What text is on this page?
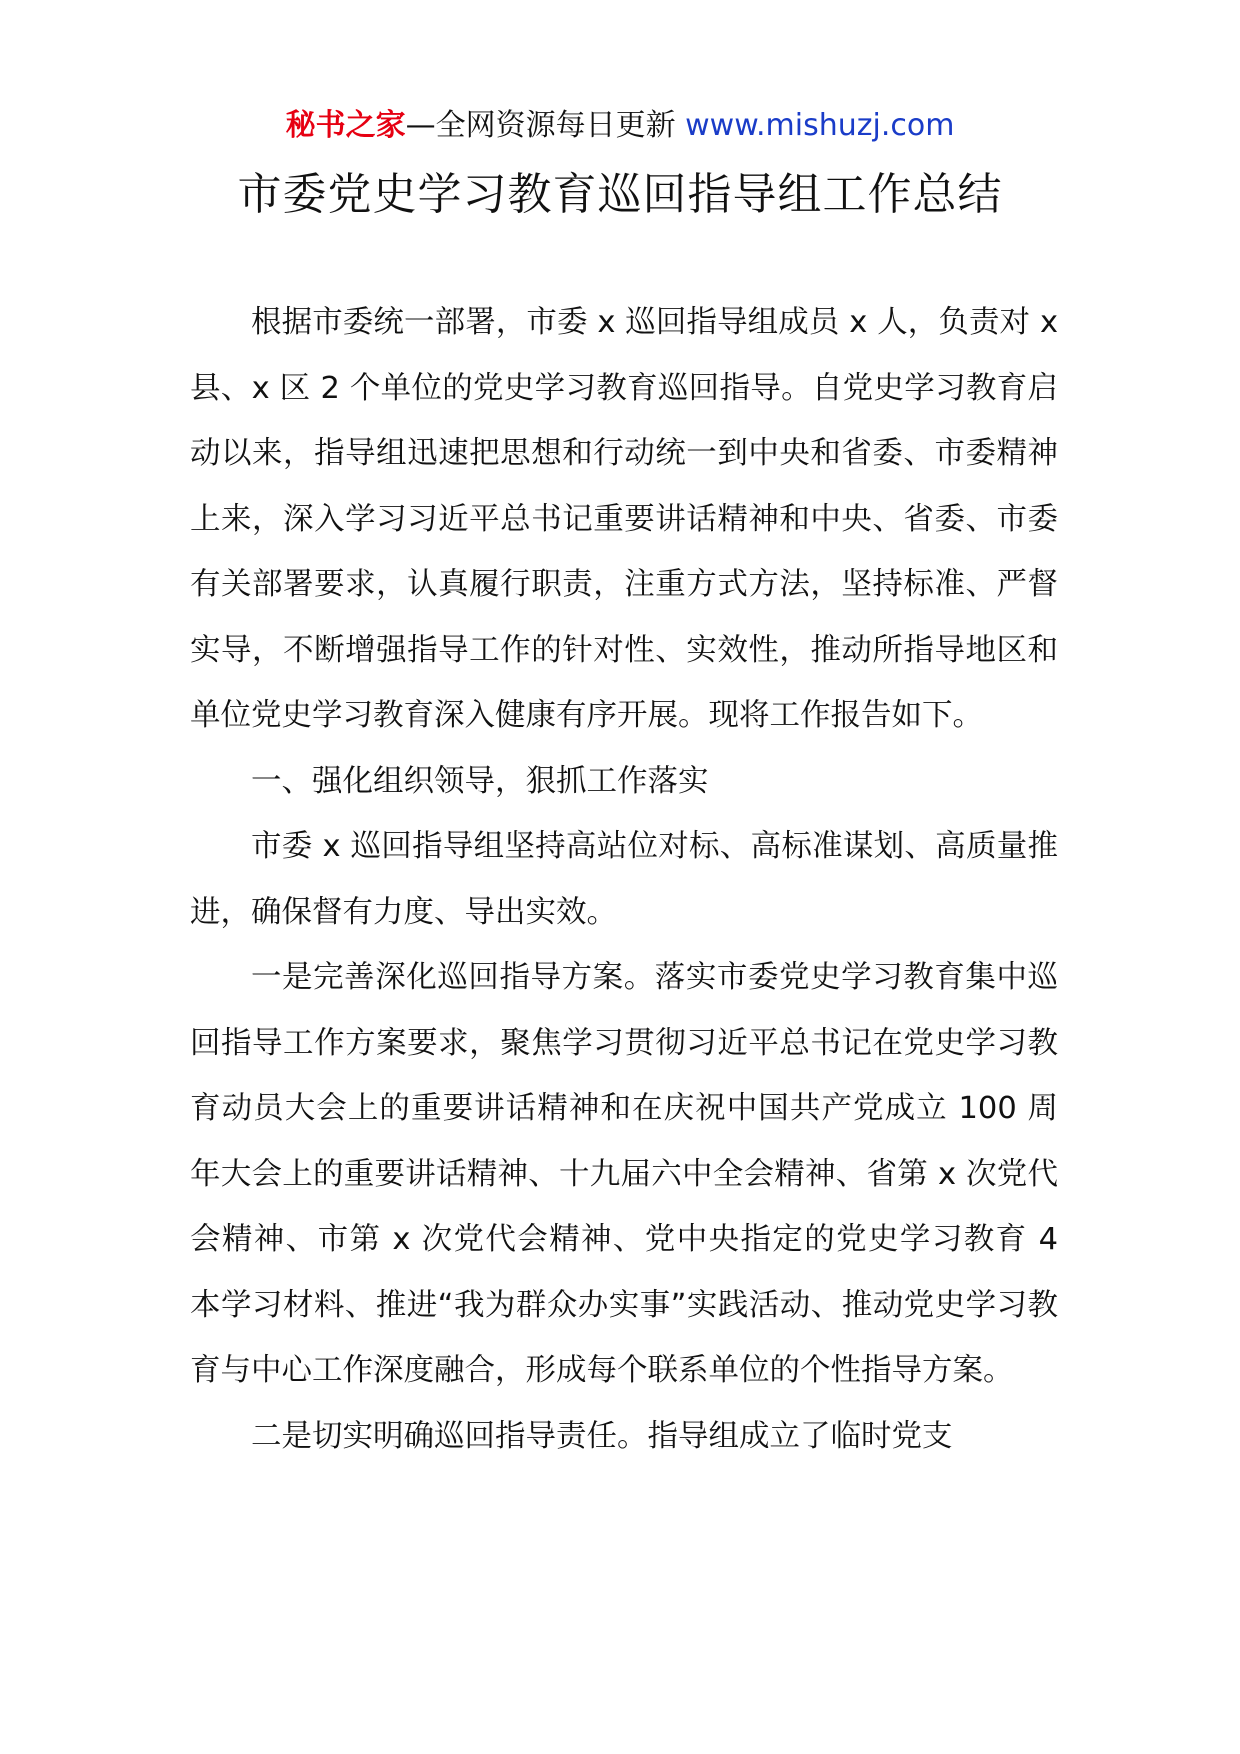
秘书之家—全网资源每日更新 www.mishuzj.com
市委党史学习教育巡回指导组工作总结

根据市委统一部署，市委 x 巡回指导组成员 x 人，负责对 x 县、x 区 2 个单位的党史学习教育巡回指导。自党史学习教育启动以来，指导组迅速把思想和行动统一到中央和省委、市委精神上来，深入学习习近平总书记重要讲话精神和中央、省委、市委有关部署要求，认真履行职责，注重方式方法，坚持标准、严督实导，不断增强指导工作的针对性、实效性，推动所指导地区和单位党史学习教育深入健康有序开展。现将工作报告如下。

一、强化组织领导，狠抓工作落实

市委 x 巡回指导组坚持高站位对标、高标准谋划、高质量推进，确保督有力度、导出实效。

一是完善深化巡回指导方案。落实市委党史学习教育集中巡回指导工作方案要求，聚焦学习贯彻习近平总书记在党史学习教育动员大会上的重要讲话精神和在庆祝中国共产党成立 100 周年大会上的重要讲话精神、十九届六中全会精神、省第 x 次党代会精神、市第 x 次党代会精神、党中央指定的党史学习教育 4 本学习材料、推进“我为群众办实事”实践活动、推动党史学习教育与中心工作深度融合，形成每个联系单位的个性指导方案。

二是切实明确巡回指导责任。指导组成立了临时党支
